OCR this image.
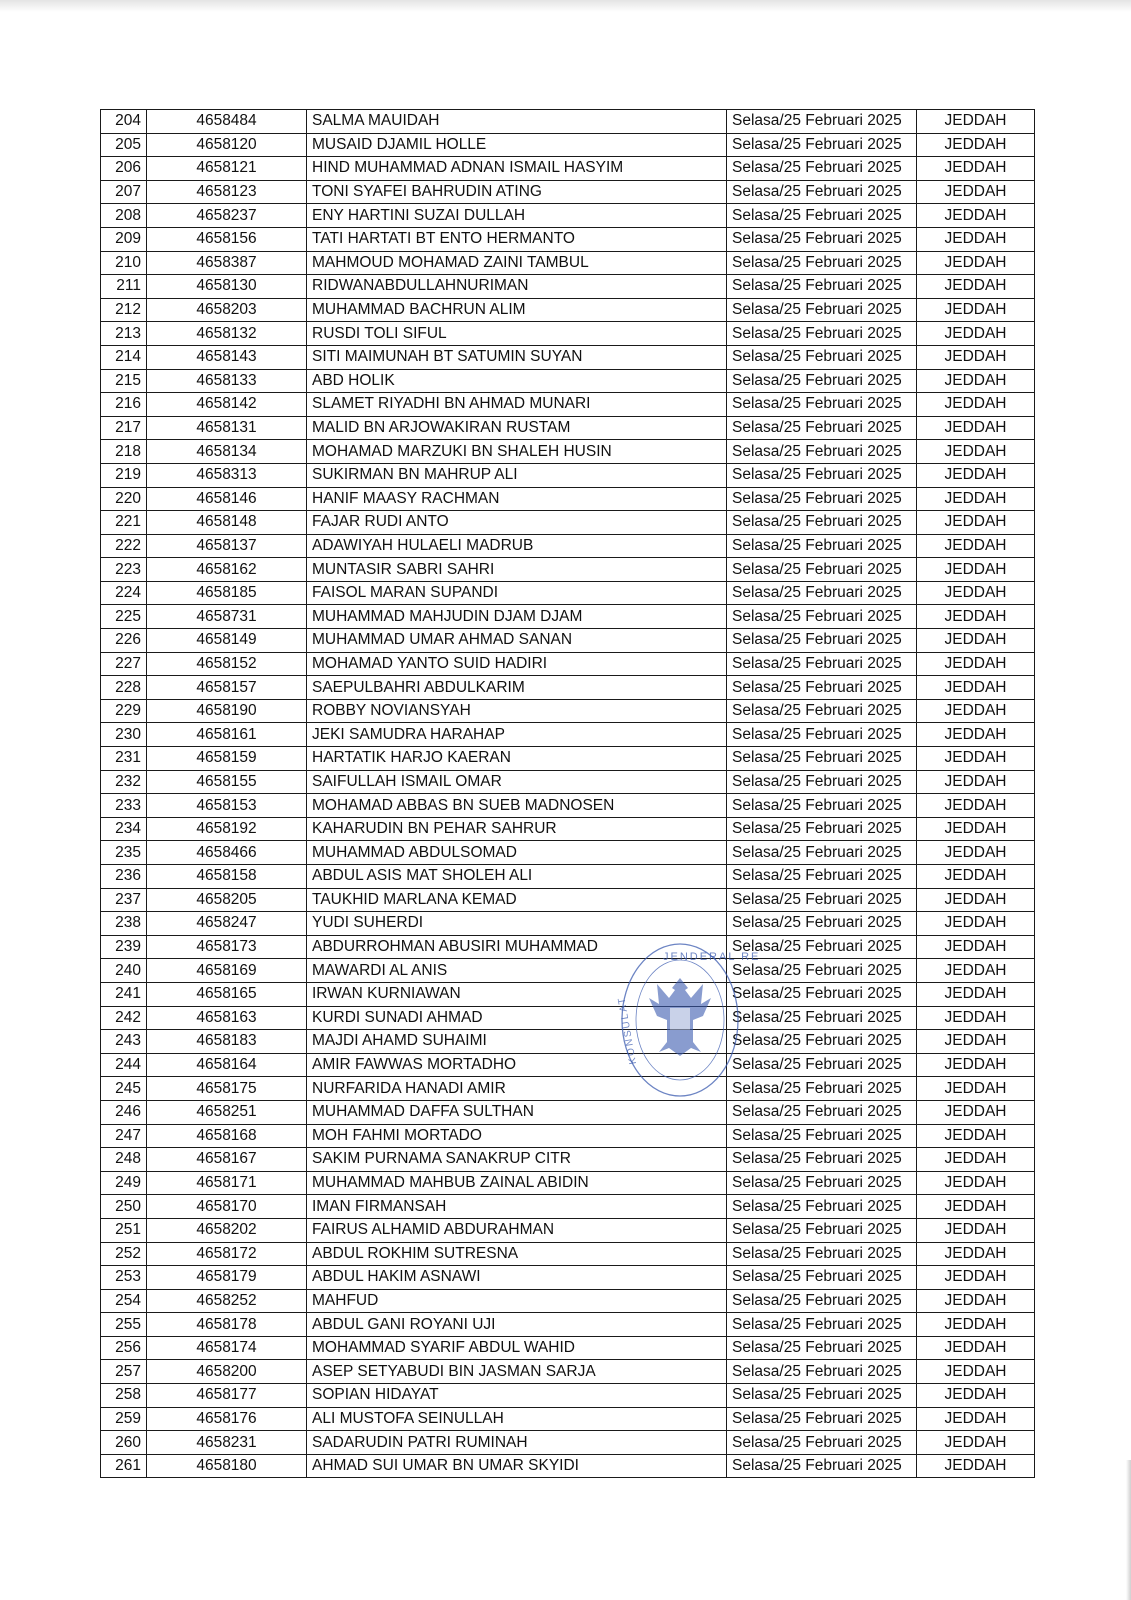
204	4658484	SALMA MAUIDAH	Selasa/25 Februari 2025	JEDDAH
205	4658120	MUSAID DJAMIL HOLLE	Selasa/25 Februari 2025	JEDDAH
206	4658121	HIND MUHAMMAD ADNAN ISMAIL HASYIM	Selasa/25 Februari 2025	JEDDAH
207	4658123	TONI SYAFEI BAHRUDIN ATING	Selasa/25 Februari 2025	JEDDAH
208	4658237	ENY HARTINI SUZAI DULLAH	Selasa/25 Februari 2025	JEDDAH
209	4658156	TATI HARTATI BT ENTO HERMANTO	Selasa/25 Februari 2025	JEDDAH
210	4658387	MAHMOUD MOHAMAD ZAINI TAMBUL	Selasa/25 Februari 2025	JEDDAH
211	4658130	RIDWANABDULLAHNURIMAN	Selasa/25 Februari 2025	JEDDAH
212	4658203	MUHAMMAD BACHRUN ALIM	Selasa/25 Februari 2025	JEDDAH
213	4658132	RUSDI TOLI SIFUL	Selasa/25 Februari 2025	JEDDAH
214	4658143	SITI MAIMUNAH BT SATUMIN SUYAN	Selasa/25 Februari 2025	JEDDAH
215	4658133	ABD HOLIK	Selasa/25 Februari 2025	JEDDAH
216	4658142	SLAMET RIYADHI BN AHMAD MUNARI	Selasa/25 Februari 2025	JEDDAH
217	4658131	MALID BN ARJOWAKIRAN RUSTAM	Selasa/25 Februari 2025	JEDDAH
218	4658134	MOHAMAD MARZUKI BN SHALEH HUSIN	Selasa/25 Februari 2025	JEDDAH
219	4658313	SUKIRMAN BN MAHRUP ALI	Selasa/25 Februari 2025	JEDDAH
220	4658146	HANIF MAASY RACHMAN	Selasa/25 Februari 2025	JEDDAH
221	4658148	FAJAR RUDI ANTO	Selasa/25 Februari 2025	JEDDAH
222	4658137	ADAWIYAH HULAELI MADRUB	Selasa/25 Februari 2025	JEDDAH
223	4658162	MUNTASIR SABRI SAHRI	Selasa/25 Februari 2025	JEDDAH
224	4658185	FAISOL MARAN SUPANDI	Selasa/25 Februari 2025	JEDDAH
225	4658731	MUHAMMAD MAHJUDIN DJAM DJAM	Selasa/25 Februari 2025	JEDDAH
226	4658149	MUHAMMAD UMAR AHMAD SANAN	Selasa/25 Februari 2025	JEDDAH
227	4658152	MOHAMAD YANTO SUID HADIRI	Selasa/25 Februari 2025	JEDDAH
228	4658157	SAEPULBAHRI ABDULKARIM	Selasa/25 Februari 2025	JEDDAH
229	4658190	ROBBY NOVIANSYAH	Selasa/25 Februari 2025	JEDDAH
230	4658161	JEKI SAMUDRA HARAHAP	Selasa/25 Februari 2025	JEDDAH
231	4658159	HARTATIK HARJO KAERAN	Selasa/25 Februari 2025	JEDDAH
232	4658155	SAIFULLAH ISMAIL OMAR	Selasa/25 Februari 2025	JEDDAH
233	4658153	MOHAMAD ABBAS BN SUEB MADNOSEN	Selasa/25 Februari 2025	JEDDAH
234	4658192	KAHARUDIN BN PEHAR SAHRUR	Selasa/25 Februari 2025	JEDDAH
235	4658466	MUHAMMAD ABDULSOMAD	Selasa/25 Februari 2025	JEDDAH
236	4658158	ABDUL ASIS MAT SHOLEH ALI	Selasa/25 Februari 2025	JEDDAH
237	4658205	TAUKHID MARLANA KEMAD	Selasa/25 Februari 2025	JEDDAH
238	4658247	YUDI SUHERDI	Selasa/25 Februari 2025	JEDDAH
239	4658173	ABDURROHMAN ABUSIRI MUHAMMAD	Selasa/25 Februari 2025	JEDDAH
240	4658169	MAWARDI AL ANIS	Selasa/25 Februari 2025	JEDDAH
241	4658165	IRWAN KURNIAWAN	Selasa/25 Februari 2025	JEDDAH
242	4658163	KURDI SUNADI AHMAD	Selasa/25 Februari 2025	JEDDAH
243	4658183	MAJDI AHAMD SUHAIMI	Selasa/25 Februari 2025	JEDDAH
244	4658164	AMIR FAWWAS MORTADHO	Selasa/25 Februari 2025	JEDDAH
245	4658175	NURFARIDA HANADI AMIR	Selasa/25 Februari 2025	JEDDAH
246	4658251	MUHAMMAD DAFFA SULTHAN	Selasa/25 Februari 2025	JEDDAH
247	4658168	MOH FAHMI MORTADO	Selasa/25 Februari 2025	JEDDAH
248	4658167	SAKIM PURNAMA SANAKRUP CITR	Selasa/25 Februari 2025	JEDDAH
249	4658171	MUHAMMAD MAHBUB ZAINAL ABIDIN	Selasa/25 Februari 2025	JEDDAH
250	4658170	IMAN FIRMANSAH	Selasa/25 Februari 2025	JEDDAH
251	4658202	FAIRUS ALHAMID ABDURAHMAN	Selasa/25 Februari 2025	JEDDAH
252	4658172	ABDUL ROKHIM SUTRESNA	Selasa/25 Februari 2025	JEDDAH
253	4658179	ABDUL HAKIM ASNAWI	Selasa/25 Februari 2025	JEDDAH
254	4658252	MAHFUD	Selasa/25 Februari 2025	JEDDAH
255	4658178	ABDUL GANI ROYANI UJI	Selasa/25 Februari 2025	JEDDAH
256	4658174	MOHAMMAD SYARIF ABDUL WAHID	Selasa/25 Februari 2025	JEDDAH
257	4658200	ASEP SETYABUDI BIN JASMAN SARJA	Selasa/25 Februari 2025	JEDDAH
258	4658177	SOPIAN HIDAYAT	Selasa/25 Februari 2025	JEDDAH
259	4658176	ALI MUSTOFA SEINULLAH	Selasa/25 Februari 2025	JEDDAH
260	4658231	SADARUDIN PATRI RUMINAH	Selasa/25 Februari 2025	JEDDAH
261	4658180	AHMAD SUI UMAR BN UMAR SKYIDI	Selasa/25 Februari 2025	JEDDAH
JENDERAL RE
KONSULAT
